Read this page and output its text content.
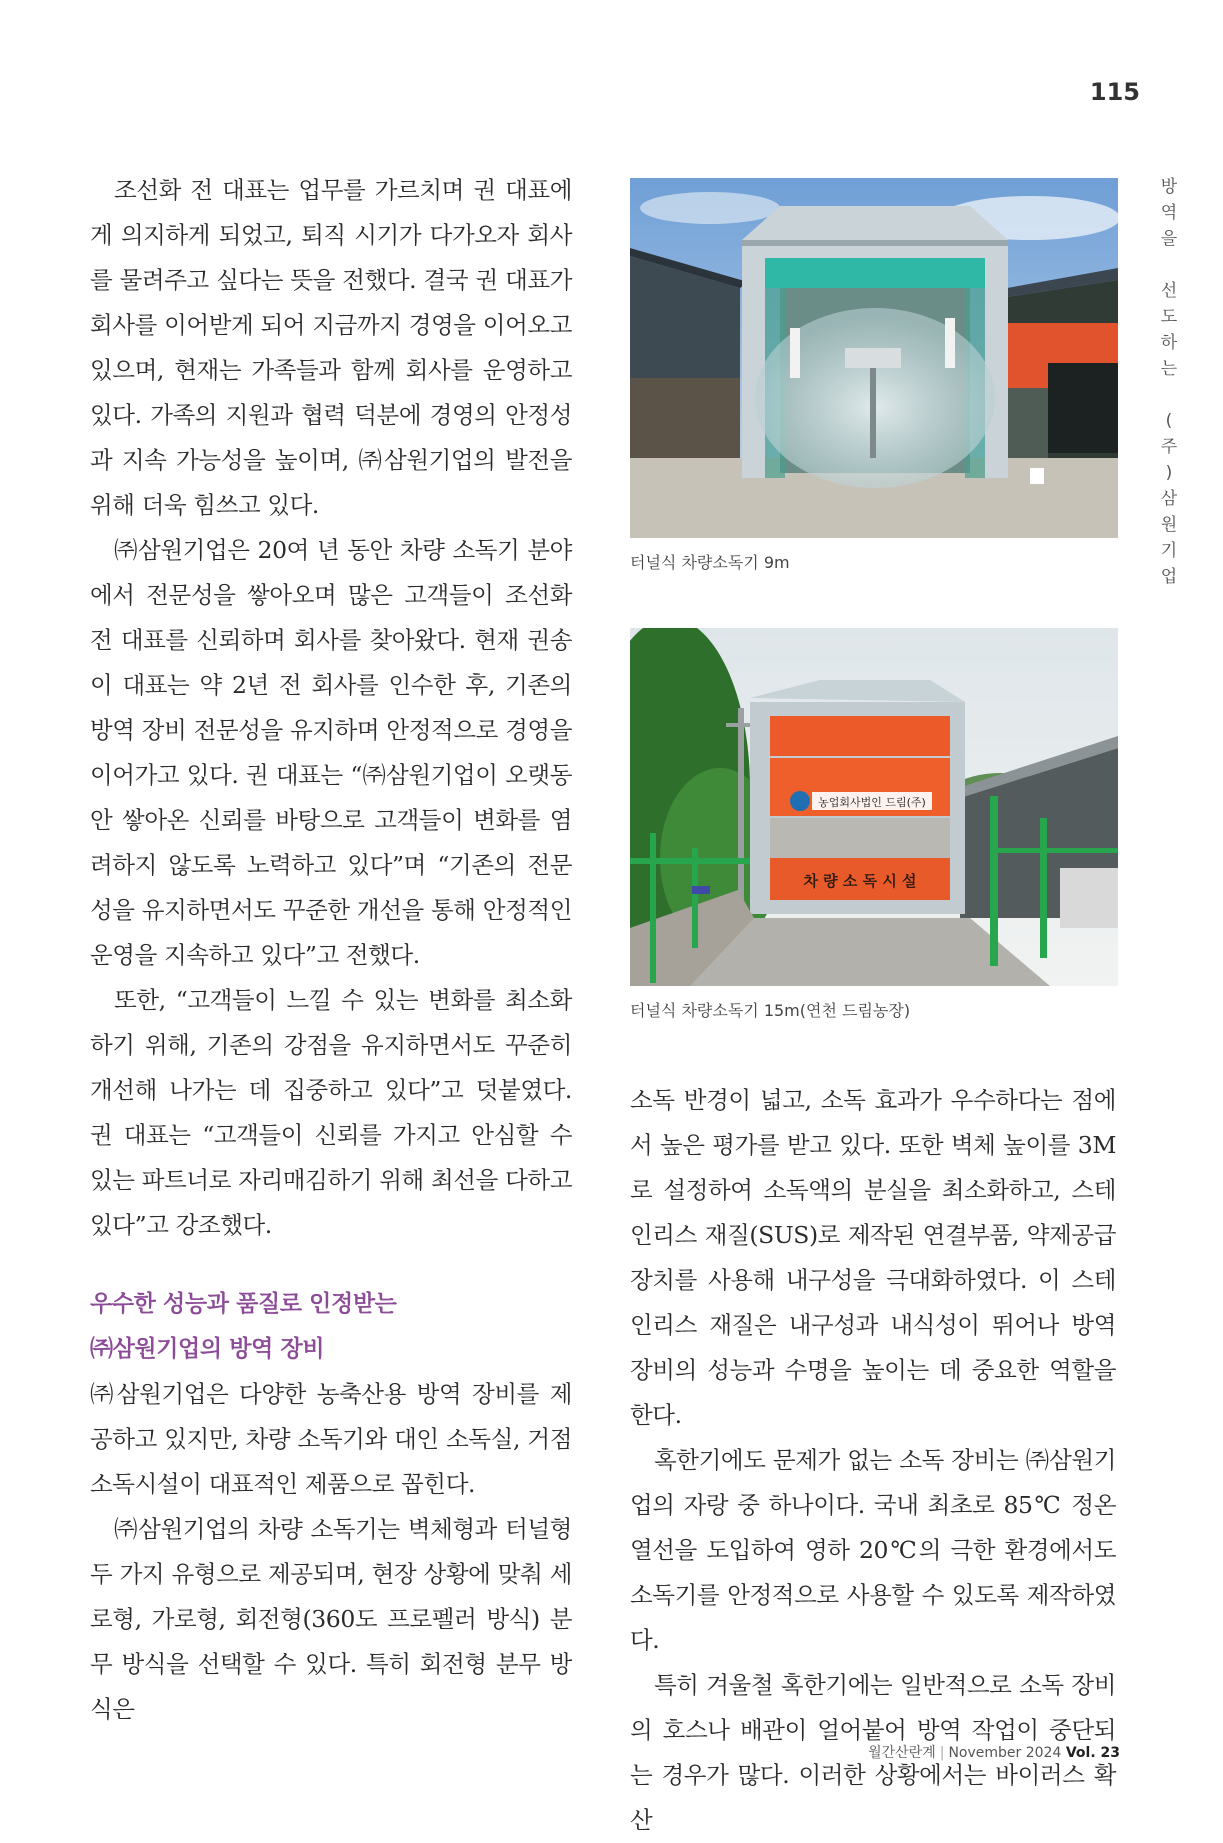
115
방
역
을
선
도
하
는
(
주
)
삼
원
기
업

조선화 전 대표는 업무를 가르치며 권 대표에게 의지하게 되었고, 퇴직 시기가 다가오자 회사를 물려주고 싶다는 뜻을 전했다. 결국 권 대표가 회사를 이어받게 되어 지금까지 경영을 이어오고 있으며, 현재는 가족들과 함께 회사를 운영하고 있다. 가족의 지원과 협력 덕분에 경영의 안정성과 지속 가능성을 높이며, ㈜삼원기업의 발전을 위해 더욱 힘쓰고 있다.

㈜삼원기업은 20여 년 동안 차량 소독기 분야에서 전문성을 쌓아오며 많은 고객들이 조선화 전 대표를 신뢰하며 회사를 찾아왔다. 현재 권송이 대표는 약 2년 전 회사를 인수한 후, 기존의 방역 장비 전문성을 유지하며 안정적으로 경영을 이어가고 있다. 권 대표는 “㈜삼원기업이 오랫동안 쌓아온 신뢰를 바탕으로 고객들이 변화를 염려하지 않도록 노력하고 있다”며 “기존의 전문성을 유지하면서도 꾸준한 개선을 통해 안정적인 운영을 지속하고 있다”고 전했다.

또한, “고객들이 느낄 수 있는 변화를 최소화하기 위해, 기존의 강점을 유지하면서도 꾸준히 개선해 나가는 데 집중하고 있다”고 덧붙였다. 권 대표는 “고객들이 신뢰를 가지고 안심할 수 있는 파트너로 자리매김하기 위해 최선을 다하고 있다”고 강조했다.

우수한 성능과 품질로 인정받는
㈜삼원기업의 방역 장비

㈜삼원기업은 다양한 농축산용 방역 장비를 제공하고 있지만, 차량 소독기와 대인 소독실, 거점소독시설이 대표적인 제품으로 꼽힌다.

㈜삼원기업의 차량 소독기는 벽체형과 터널형 두 가지 유형으로 제공되며, 현장 상황에 맞춰 세로형, 가로형, 회전형(360도 프로펠러 방식) 분무 방식을 선택할 수 있다. 특히 회전형 분무 방식은

터널식 차량소독기 9m
농업회사법인 드림(주)
차 량 소 독 시 설
터널식 차량소독기 15m(연천 드림농장)

소독 반경이 넓고, 소독 효과가 우수하다는 점에서 높은 평가를 받고 있다. 또한 벽체 높이를 3M로 설정하여 소독액의 분실을 최소화하고, 스테인리스 재질(SUS)로 제작된 연결부품, 약제공급장치를 사용해 내구성을 극대화하였다. 이 스테인리스 재질은 내구성과 내식성이 뛰어나 방역 장비의 성능과 수명을 높이는 데 중요한 역할을 한다.

혹한기에도 문제가 없는 소독 장비는 ㈜삼원기업의 자랑 중 하나이다. 국내 최초로 85℃ 정온 열선을 도입하여 영하 20℃의 극한 환경에서도 소독기를 안정적으로 사용할 수 있도록 제작하였다.

특히 겨울철 혹한기에는 일반적으로 소독 장비의 호스나 배관이 얼어붙어 방역 작업이 중단되는 경우가 많다. 이러한 상황에서는 바이러스 확산

월간산란계 | November 2024 Vol. 23
